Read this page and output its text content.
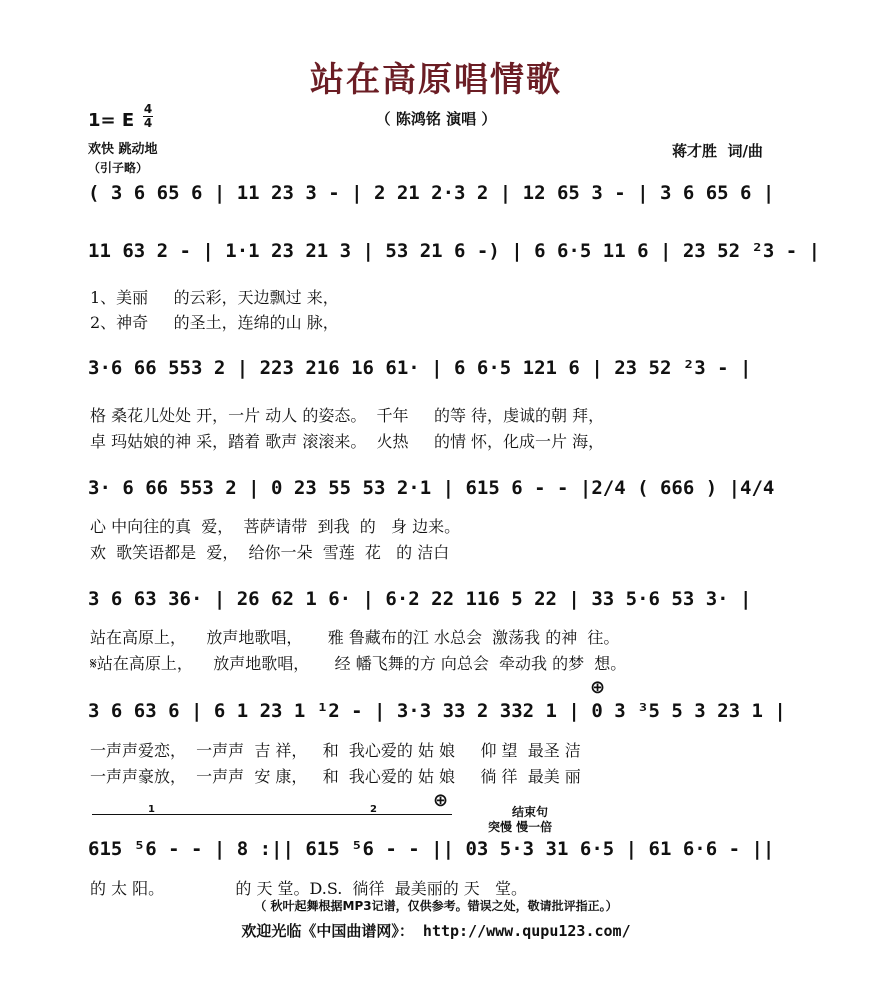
站在高原唱情歌
（ 陈鸿铭 演唱 ）
1= E
4
4
欢快 跳动地
（引子略）
蒋才胜  词/曲
( 3 6 65 6 | 11 23 3 - | 2 21 2·3 2 | 12 65 3 - | 3 6 65 6 |
11 63 2 - | 1·1 23 21 3 | 53 21 6 -) | 6 6·5 11 6 | 23 52 ²3 - |
1、美丽     的云彩，天边飘过 来，
2、神奇     的圣土，连绵的山 脉，
3·6 66 553 2 | 223 216 16 61· | 6 6·5 121 6 | 23 52 ²3 - |
格 桑花儿处处 开，一片 动人 的姿态。  千年     的等 待，虔诚的朝 拜，
卓 玛姑娘的神 采，踏着 歌声 滚滚来。  火热     的情 怀，化成一片 海，
3· 6 66 553 2 | 0 23 55 53 2·1 | 615 6 - - |2/4 ( 666 ) |4/4
心 中向往的真  爱，  菩萨请带  到我  的   身 边来。
欢  歌笑语都是  爱，  给你一朵  雪莲  花   的 洁白
3 6 63 36· | 26 62 1 6· | 6·2 22 116 5 22 | 33 5·6 53 3· |
站在高原上，    放声地歌唱，     雅 鲁藏布的江 水总会  激荡我 的神  往。
𝄋站在高原上，    放声地歌唱，     经 幡飞舞的方 向总会  牵动我 的梦  想。
⊕
3 6 63 6 | 6 1 23 1 ¹2 - | 3·3 33 2 332 1 | 0 3 ³5 5 3 23 1 |
一声声爱恋，  一声声  吉 祥，   和  我心爱的 姑 娘     仰 望  最圣 洁
一声声豪放，  一声声  安 康，   和  我心爱的 姑 娘     徜 徉  最美 丽
1	2	⊕
结束句
突慢 慢一倍
615 ⁵6 - - | 8 :|| 615 ⁵6 - - || 03 5·3 31 6·5 | 61 6·6 - ||
的 太 阳。              的 天 堂。D.S.  徜徉  最美丽的 天   堂。
（ 秋叶起舞根据MP3记谱，仅供参考。错误之处，敬请批评指正。）
欢迎光临《中国曲谱网》： http://www.qupu123.com/
